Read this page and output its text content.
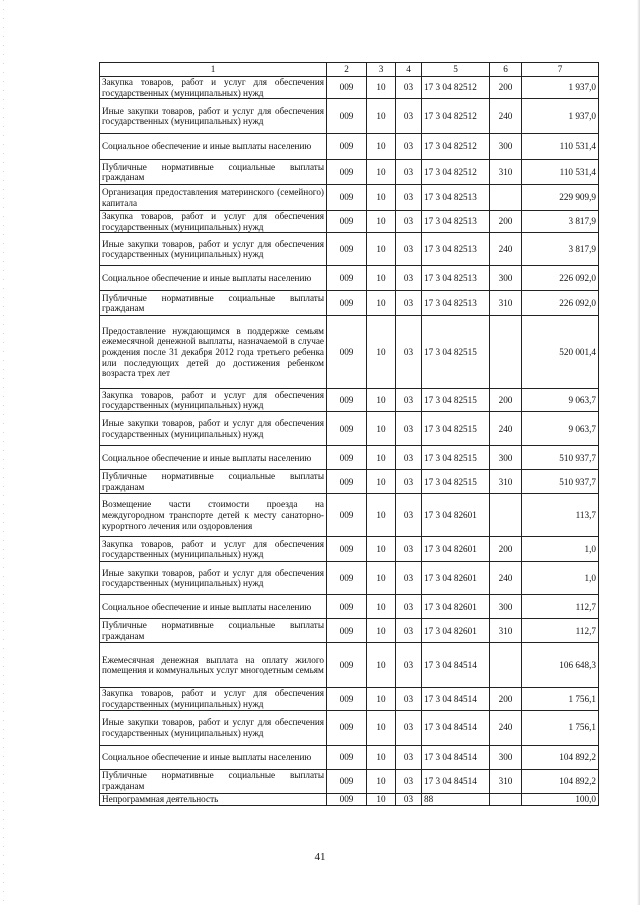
1	2	3	4	5	6	7
Закупка товаров, работ и услуг для обеспечения государственных (муниципальных) нужд	009	10	03	17 3 04 82512	200	1 937,0
Иные закупки товаров, работ и услуг для обеспечения государственных (муниципальных) нужд	009	10	03	17 3 04 82512	240	1 937,0
Социальное обеспечение и иные выплаты населению	009	10	03	17 3 04 82512	300	110 531,4
Публичные нормативные социальные выплаты гражданам	009	10	03	17 3 04 82512	310	110 531,4
Организация предоставления материнского (семейного) капитала	009	10	03	17 3 04 82513		229 909,9
Закупка товаров, работ и услуг для обеспечения государственных (муниципальных) нужд	009	10	03	17 3 04 82513	200	3 817,9
Иные закупки товаров, работ и услуг для обеспечения государственных (муниципальных) нужд	009	10	03	17 3 04 82513	240	3 817,9
Социальное обеспечение и иные выплаты населению	009	10	03	17 3 04 82513	300	226 092,0
Публичные нормативные социальные выплаты гражданам	009	10	03	17 3 04 82513	310	226 092,0
Предоставление нуждающимся в поддержке семьям ежемесячной денежной выплаты, назначаемой в случае рождения после 31 декабря 2012 года третьего ребенка или последующих детей до достижения ребенком возраста трех лет	009	10	03	17 3 04 82515		520 001,4
Закупка товаров, работ и услуг для обеспечения государственных (муниципальных) нужд	009	10	03	17 3 04 82515	200	9 063,7
Иные закупки товаров, работ и услуг для обеспечения государственных (муниципальных) нужд	009	10	03	17 3 04 82515	240	9 063,7
Социальное обеспечение и иные выплаты населению	009	10	03	17 3 04 82515	300	510 937,7
Публичные нормативные социальные выплаты гражданам	009	10	03	17 3 04 82515	310	510 937,7
Возмещение части стоимости проезда на междугородном транспорте детей к месту санаторно-курортного лечения или оздоровления	009	10	03	17 3 04 82601		113,7
Закупка товаров, работ и услуг для обеспечения государственных (муниципальных) нужд	009	10	03	17 3 04 82601	200	1,0
Иные закупки товаров, работ и услуг для обеспечения государственных (муниципальных) нужд	009	10	03	17 3 04 82601	240	1,0
Социальное обеспечение и иные выплаты населению	009	10	03	17 3 04 82601	300	112,7
Публичные нормативные социальные выплаты гражданам	009	10	03	17 3 04 82601	310	112,7
Ежемесячная денежная выплата на оплату жилого помещения и коммунальных услуг многодетным семьям	009	10	03	17 3 04 84514		106 648,3
Закупка товаров, работ и услуг для обеспечения государственных (муниципальных) нужд	009	10	03	17 3 04 84514	200	1 756,1
Иные закупки товаров, работ и услуг для обеспечения государственных (муниципальных) нужд	009	10	03	17 3 04 84514	240	1 756,1
Социальное обеспечение и иные выплаты населению	009	10	03	17 3 04 84514	300	104 892,2
Публичные нормативные социальные выплаты гражданам	009	10	03	17 3 04 84514	310	104 892,2
Непрограммная деятельность	009	10	03	88		100,0
41
